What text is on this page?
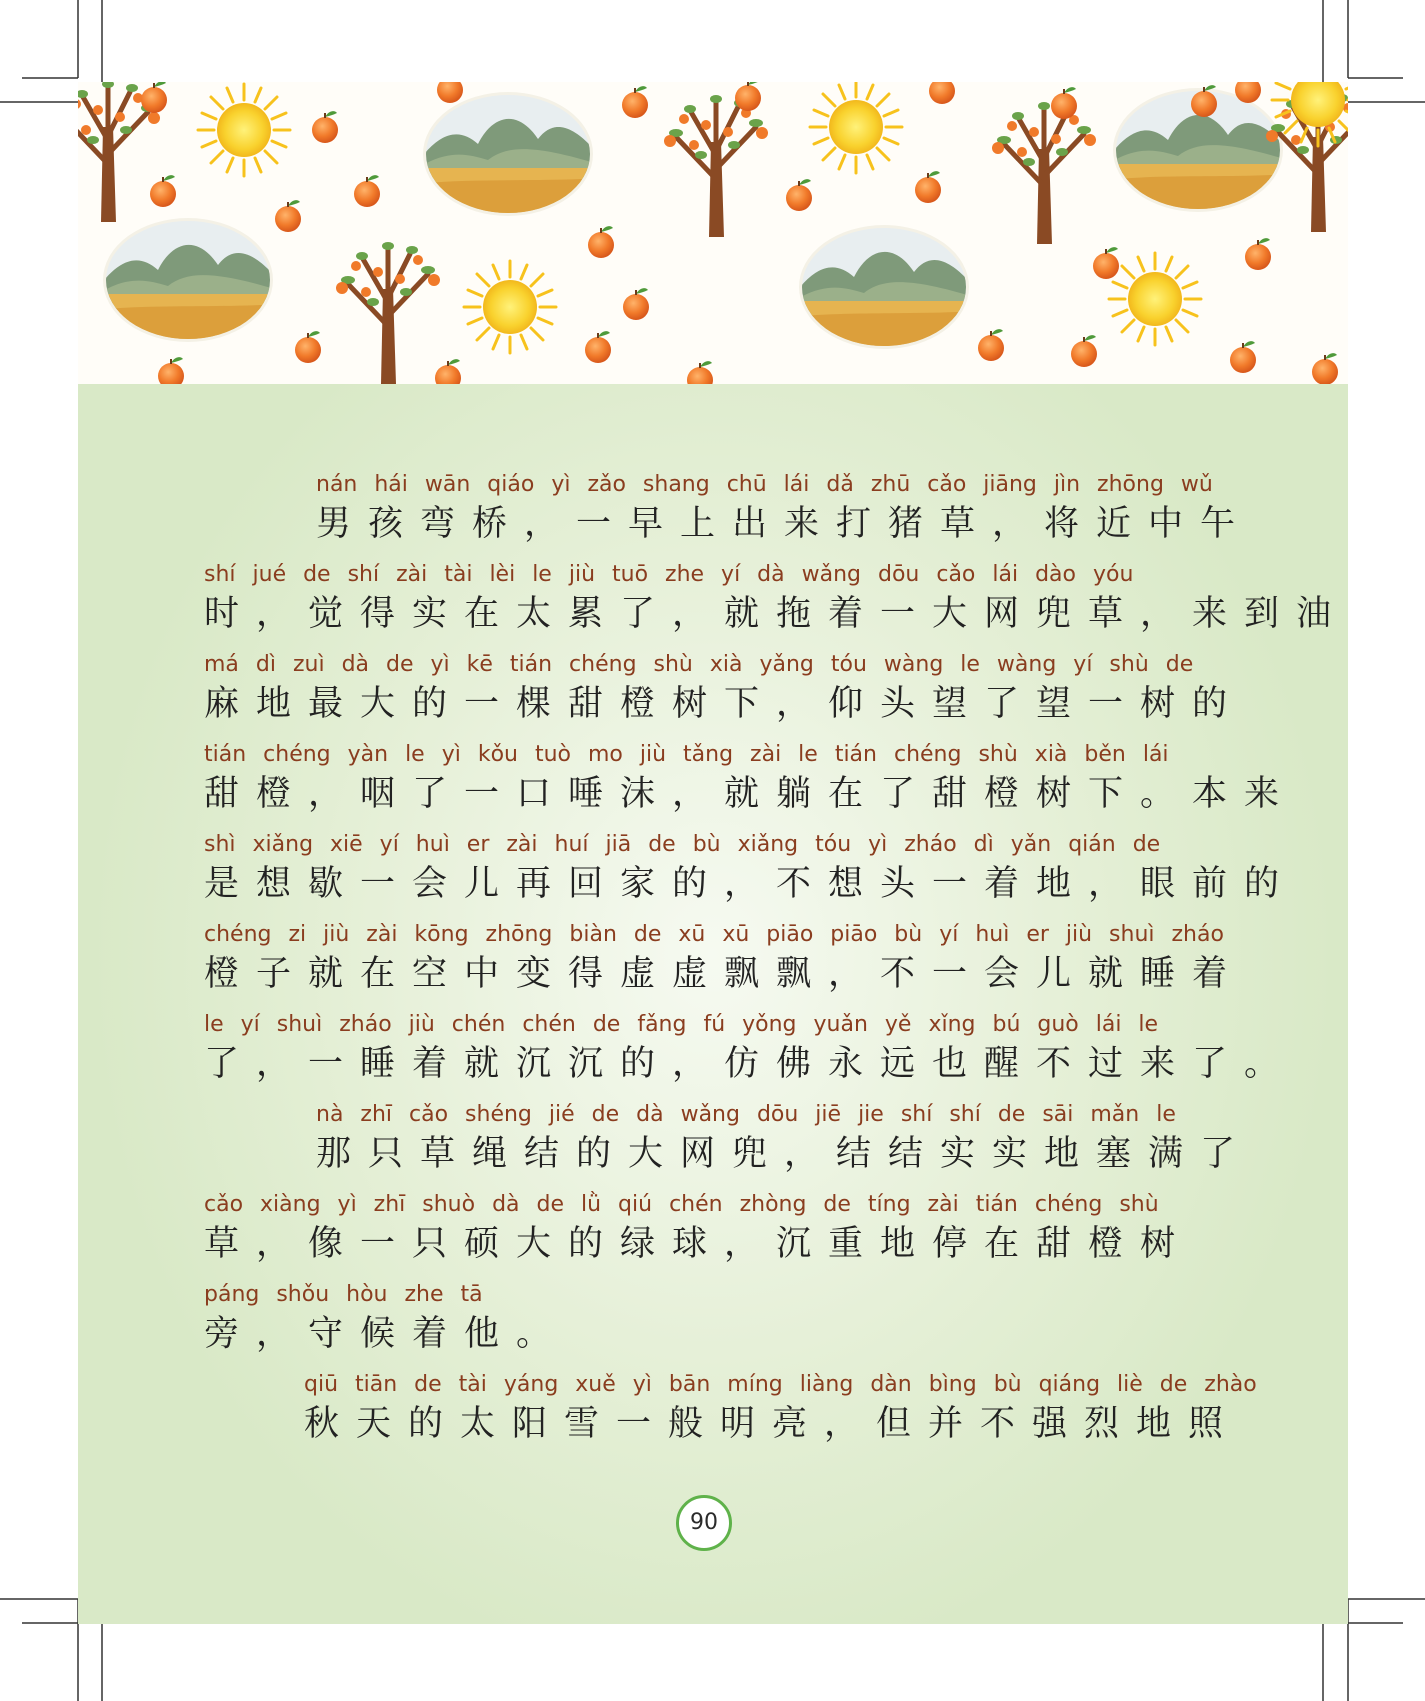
nán hái wān qiáo yì zǎo shang chū lái dǎ zhū cǎo jiāng jìn zhōng wǔ
男孩弯桥，一早上出来打猪草，将近中午
shí jué de shí zài tài lèi le jiù tuō zhe yí dà wǎng dōu cǎo lái dào yóu
时，觉得实在太累了，就拖着一大网兜草，来到油
má dì zuì dà de yì kē tián chéng shù xià yǎng tóu wàng le wàng yí shù de
麻地最大的一棵甜橙树下，仰头望了望一树的
tián chéng yàn le yì kǒu tuò mo jiù tǎng zài le tián chéng shù xià běn lái
甜橙，咽了一口唾沫，就躺在了甜橙树下。本来
shì xiǎng xiē yí huì er zài huí jiā de bù xiǎng tóu yì zháo dì yǎn qián de
是想歇一会儿再回家的，不想头一着地，眼前的
chéng zi jiù zài kōng zhōng biàn de xū xū piāo piāo bù yí huì er jiù shuì zháo
橙子就在空中变得虚虚飘飘，不一会儿就睡着
le yí shuì zháo jiù chén chén de fǎng fú yǒng yuǎn yě xǐng bú guò lái le
了，一睡着就沉沉的，仿佛永远也醒不过来了。
nà zhī cǎo shéng jié de dà wǎng dōu jiē jie shí shí de sāi mǎn le
那只草绳结的大网兜，结结实实地塞满了
cǎo xiàng yì zhī shuò dà de lǜ qiú chén zhòng de tíng zài tián chéng shù
草，像一只硕大的绿球，沉重地停在甜橙树
páng shǒu hòu zhe tā
旁，守候着他。
qiū tiān de tài yáng xuě yì bān míng liàng dàn bìng bù qiáng liè de zhào
秋天的太阳雪一般明亮，但并不强烈地照
90
